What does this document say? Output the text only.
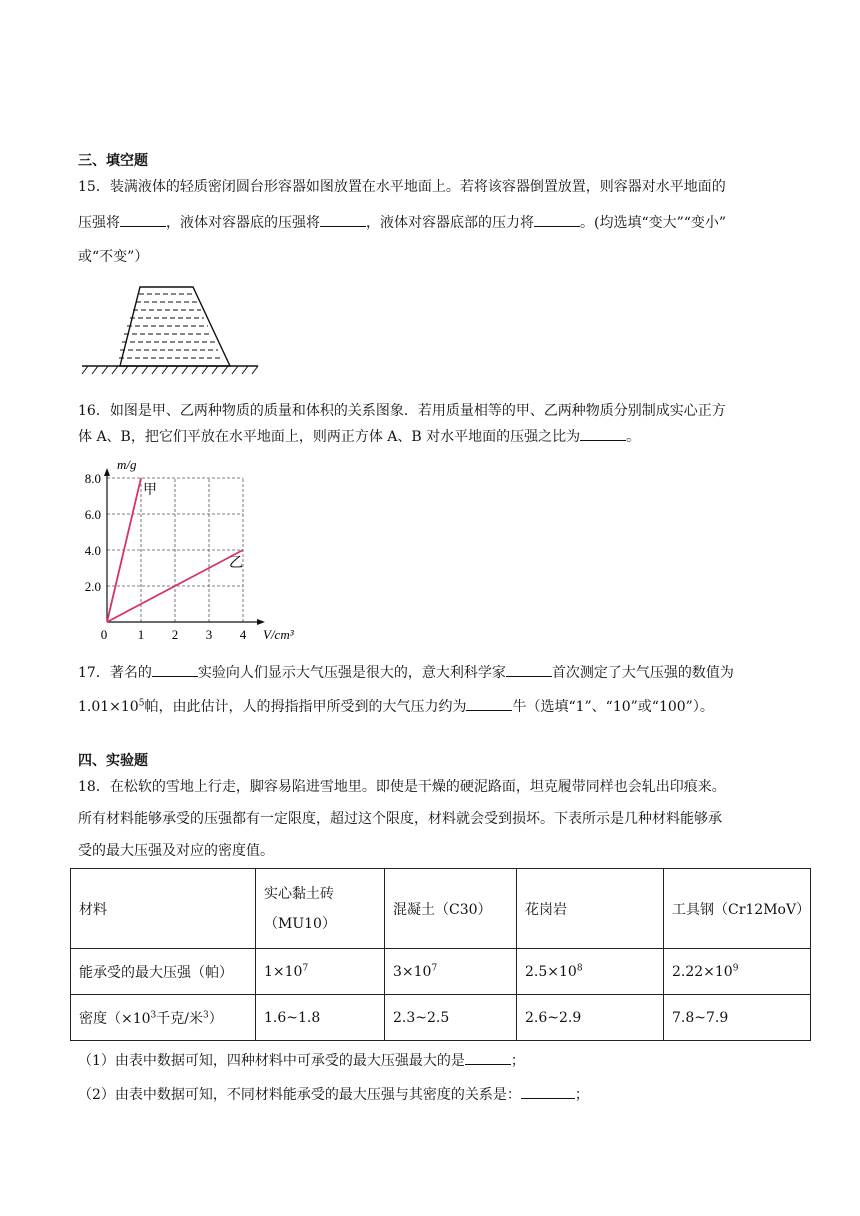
三、填空题
15．装满液体的轻质密闭圆台形容器如图放置在水平地面上。若将该容器倒置放置，则容器对水平地面的
压强将	，液体对容器底的压强将	，液体对容器底部的压力将	。(均选填“变大”“变小”
或“不变”）
16．如图是甲、乙两种物质的质量和体积的关系图象．若用质量相等的甲、乙两种物质分别制成实心正方
体 A、B，把它们平放在水平地面上，则两正方体 A、B 对水平地面的压强之比为	。
0 1 2 3 4
2.0
4.0
6.0
8.0
m/g
V/cm³
甲
乙
17．著名的	实验向人们显示大气压强是很大的，意大利科学家	首次测定了大气压强的数值为
$1.01\times 10^5$帕，由此估计，人的拇指指甲所受到的大气压力约为	牛（选填“1”、“10”或“100”）。
四、实验题
18．在松软的雪地上行走，脚容易陷进雪地里。即使是干燥的硬泥路面，坦克履带同样也会轧出印痕来。
所有材料能够承受的压强都有一定限度，超过这个限度，材料就会受到损坏。下表所示是几种材料能够承
受的最大压强及对应的密度值。
材料	实心黏土砖
（MU10）	混凝土（C30）	花岗岩	工具钢（Cr12MoV）
能承受的最大压强（帕）	$1\times 10^7$	$3\times 10^7$	$2.5\times 10^8$	$2.22\times 10^9$
密度（$\times 10^3$千克/米$^3$）	1.6~1.8	2.3~2.5	2.6~2.9	7.8~7.9
（1）由表中数据可知，四种材料中可承受的最大压强最大的是	；
（2）由表中数据可知，不同材料能承受的最大压强与其密度的关系是：	；
